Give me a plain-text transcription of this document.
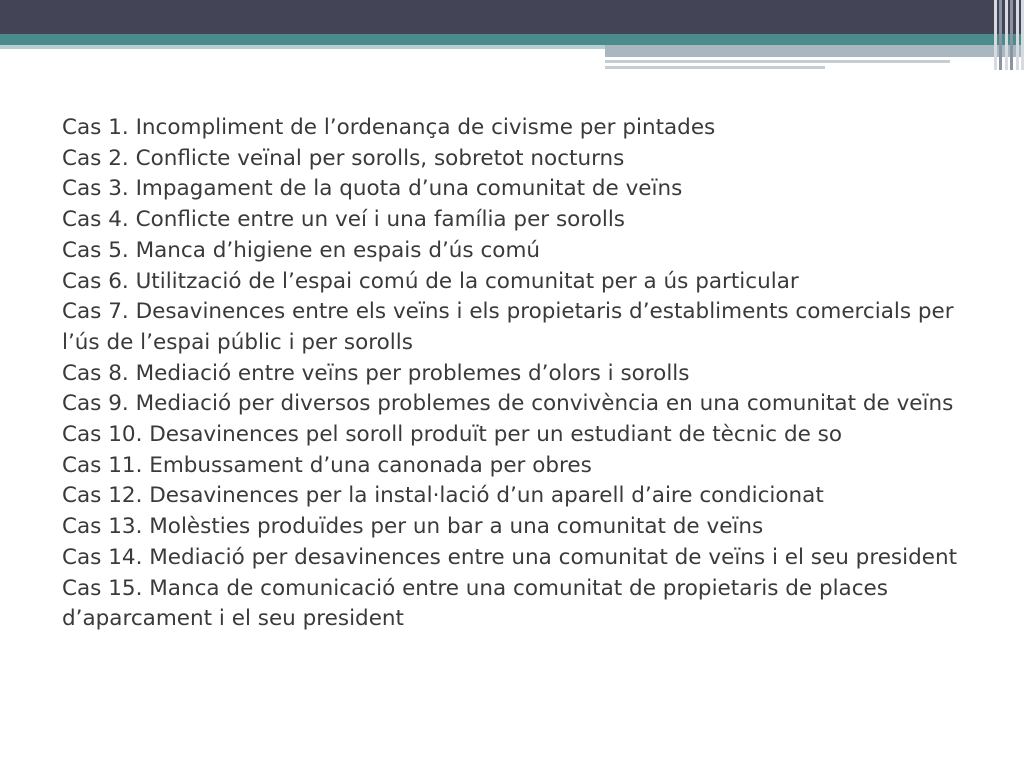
Cas 1. Incompliment de l’ordenança de civisme per pintades

Cas 2. Conflicte veïnal per sorolls, sobretot nocturns

Cas 3. Impagament de la quota d’una comunitat de veïns

Cas 4. Conflicte entre un veí i una família per sorolls

Cas 5. Manca d’higiene en espais d’ús comú

Cas 6. Utilització de l’espai comú de la comunitat per a ús particular

Cas 7. Desavinences entre els veïns i els propietaris d’establiments comercials per l’ús de l’espai públic i per sorolls

Cas 8. Mediació entre veïns per problemes d’olors i sorolls

Cas 9. Mediació per diversos problemes de convivència en una comunitat de veïns

Cas 10. Desavinences pel soroll produït per un estudiant de tècnic de so

Cas 11. Embussament d’una canonada per obres

Cas 12. Desavinences per la instal·lació d’un aparell d’aire condicionat

Cas 13. Molèsties produïdes per un bar a una comunitat de veïns

Cas 14. Mediació per desavinences entre una comunitat de veïns i el seu president

Cas 15. Manca de comunicació entre una comunitat de propietaris de places d’aparcament i el seu president
